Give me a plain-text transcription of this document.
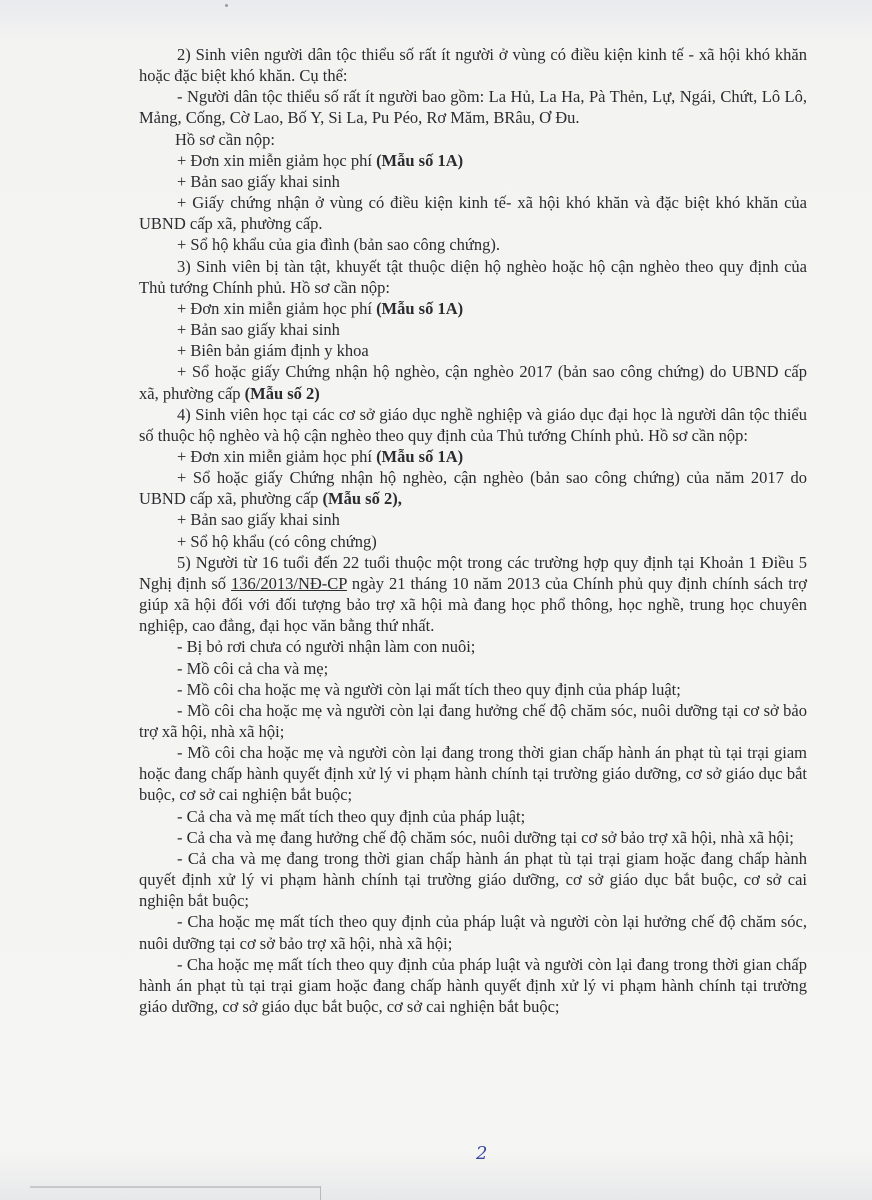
2) Sinh viên người dân tộc thiểu số rất ít người ở vùng có điều kiện kinh tế - xã hội khó khăn hoặc đặc biệt khó khăn. Cụ thể:

- Người dân tộc thiểu số rất ít người bao gồm: La Hủ, La Ha, Pà Thẻn, Lự, Ngái, Chứt, Lô Lô, Mảng, Cống, Cờ Lao, Bố Y, Si La, Pu Péo, Rơ Măm, BRâu, Ơ Đu.

Hồ sơ cần nộp:

+ Đơn xin miễn giảm học phí (Mẫu số 1A)

+ Bản sao giấy khai sinh

+ Giấy chứng nhận ở vùng có điều kiện kinh tế- xã hội khó khăn và đặc biệt khó khăn của UBND cấp xã, phường cấp.

+ Sổ hộ khẩu của gia đình (bản sao công chứng).

3) Sinh viên bị tàn tật, khuyết tật thuộc diện hộ nghèo hoặc hộ cận nghèo theo quy định của Thủ tướng Chính phủ. Hồ sơ cần nộp:

+ Đơn xin miễn giảm học phí (Mẫu số 1A)

+ Bản sao giấy khai sinh

+ Biên bản giám định y khoa

+ Sổ hoặc giấy Chứng nhận hộ nghèo, cận nghèo 2017 (bản sao công chứng) do UBND cấp xã, phường cấp (Mẫu số 2)

4) Sinh viên học tại các cơ sở giáo dục nghề nghiệp và giáo dục đại học là người dân tộc thiểu số thuộc hộ nghèo và hộ cận nghèo theo quy định của Thủ tướng Chính phủ. Hồ sơ cần nộp:

+ Đơn xin miễn giảm học phí (Mẫu số 1A)

+ Sổ hoặc giấy Chứng nhận hộ nghèo, cận nghèo (bản sao công chứng) của năm 2017 do UBND cấp xã, phường cấp (Mẫu số 2),

+ Bản sao giấy khai sinh

+ Sổ hộ khẩu (có công chứng)

5) Người từ 16 tuổi đến 22 tuổi thuộc một trong các trường hợp quy định tại Khoản 1 Điều 5 Nghị định số 136/2013/NĐ-CP ngày 21 tháng 10 năm 2013 của Chính phủ quy định chính sách trợ giúp xã hội đối với đối tượng bảo trợ xã hội mà đang học phổ thông, học nghề, trung học chuyên nghiệp, cao đẳng, đại học văn bằng thứ nhất.

- Bị bỏ rơi chưa có người nhận làm con nuôi;

- Mồ côi cả cha và mẹ;

- Mồ côi cha hoặc mẹ và người còn lại mất tích theo quy định của pháp luật;

- Mồ côi cha hoặc mẹ và người còn lại đang hưởng chế độ chăm sóc, nuôi dưỡng tại cơ sở bảo trợ xã hội, nhà xã hội;

- Mồ côi cha hoặc mẹ và người còn lại đang trong thời gian chấp hành án phạt tù tại trại giam hoặc đang chấp hành quyết định xử lý vi phạm hành chính tại trường giáo dưỡng, cơ sở giáo dục bắt buộc, cơ sở cai nghiện bắt buộc;

- Cả cha và mẹ mất tích theo quy định của pháp luật;

- Cả cha và mẹ đang hưởng chế độ chăm sóc, nuôi dưỡng tại cơ sở bảo trợ xã hội, nhà xã hội;

- Cả cha và mẹ đang trong thời gian chấp hành án phạt tù tại trại giam hoặc đang chấp hành quyết định xử lý vi phạm hành chính tại trường giáo dưỡng, cơ sở giáo dục bắt buộc, cơ sở cai nghiện bắt buộc;

- Cha hoặc mẹ mất tích theo quy định của pháp luật và người còn lại hưởng chế độ chăm sóc, nuôi dưỡng tại cơ sở bảo trợ xã hội, nhà xã hội;

- Cha hoặc mẹ mất tích theo quy định của pháp luật và người còn lại đang trong thời gian chấp hành án phạt tù tại trại giam hoặc đang chấp hành quyết định xử lý vi phạm hành chính tại trường giáo dưỡng, cơ sở giáo dục bắt buộc, cơ sở cai nghiện bắt buộc;

2
